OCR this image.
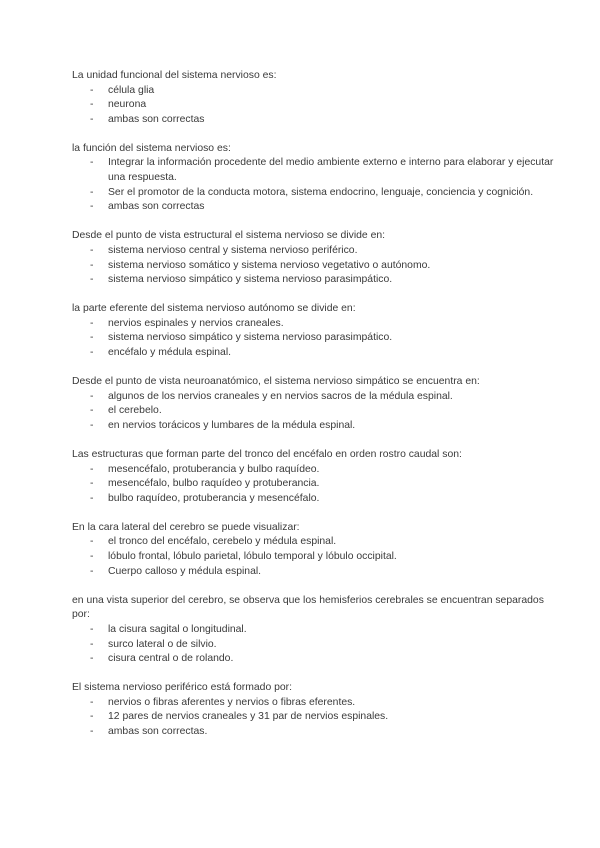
La unidad funcional del sistema nervioso es:

- célula glia
- neurona
- ambas son correctas

la función del sistema nervioso es:

- Integrar la información procedente del medio ambiente externo e interno para elaborar y ejecutar una respuesta.
- Ser el promotor de la conducta motora, sistema endocrino, lenguaje, conciencia y cognición.
- ambas son correctas

Desde el punto de vista estructural el sistema nervioso se divide en:

- sistema nervioso central y sistema nervioso periférico.
- sistema nervioso somático y sistema nervioso vegetativo o autónomo.
- sistema nervioso simpático y sistema nervioso parasimpático.

la parte eferente del sistema nervioso autónomo se divide en:

- nervios espinales y nervios craneales.
- sistema nervioso simpático y sistema nervioso parasimpático.
- encéfalo y médula espinal.

Desde el punto de vista neuroanatómico, el sistema nervioso simpático se encuentra en:

- algunos de los nervios craneales y en nervios sacros de la médula espinal.
- el cerebelo.
- en nervios torácicos y lumbares de la médula espinal.

Las estructuras que forman parte del tronco del encéfalo en orden rostro caudal son:

- mesencéfalo, protuberancia y bulbo raquídeo.
- mesencéfalo, bulbo raquídeo y protuberancia.
- bulbo raquídeo, protuberancia y mesencéfalo.

En la cara lateral del cerebro se puede visualizar:

- el tronco del encéfalo, cerebelo y médula espinal.
- lóbulo frontal, lóbulo parietal, lóbulo temporal y lóbulo occipital.
- Cuerpo calloso y médula espinal.

en una vista superior del cerebro, se observa que los hemisferios cerebrales se encuentran separados por:

- la cisura sagital o longitudinal.
- surco lateral o de silvio.
- cisura central o de rolando.

El sistema nervioso periférico está formado por:

- nervios o fibras aferentes y nervios o fibras eferentes.
- 12 pares de nervios craneales y 31 par de nervios espinales.
- ambas son correctas.
